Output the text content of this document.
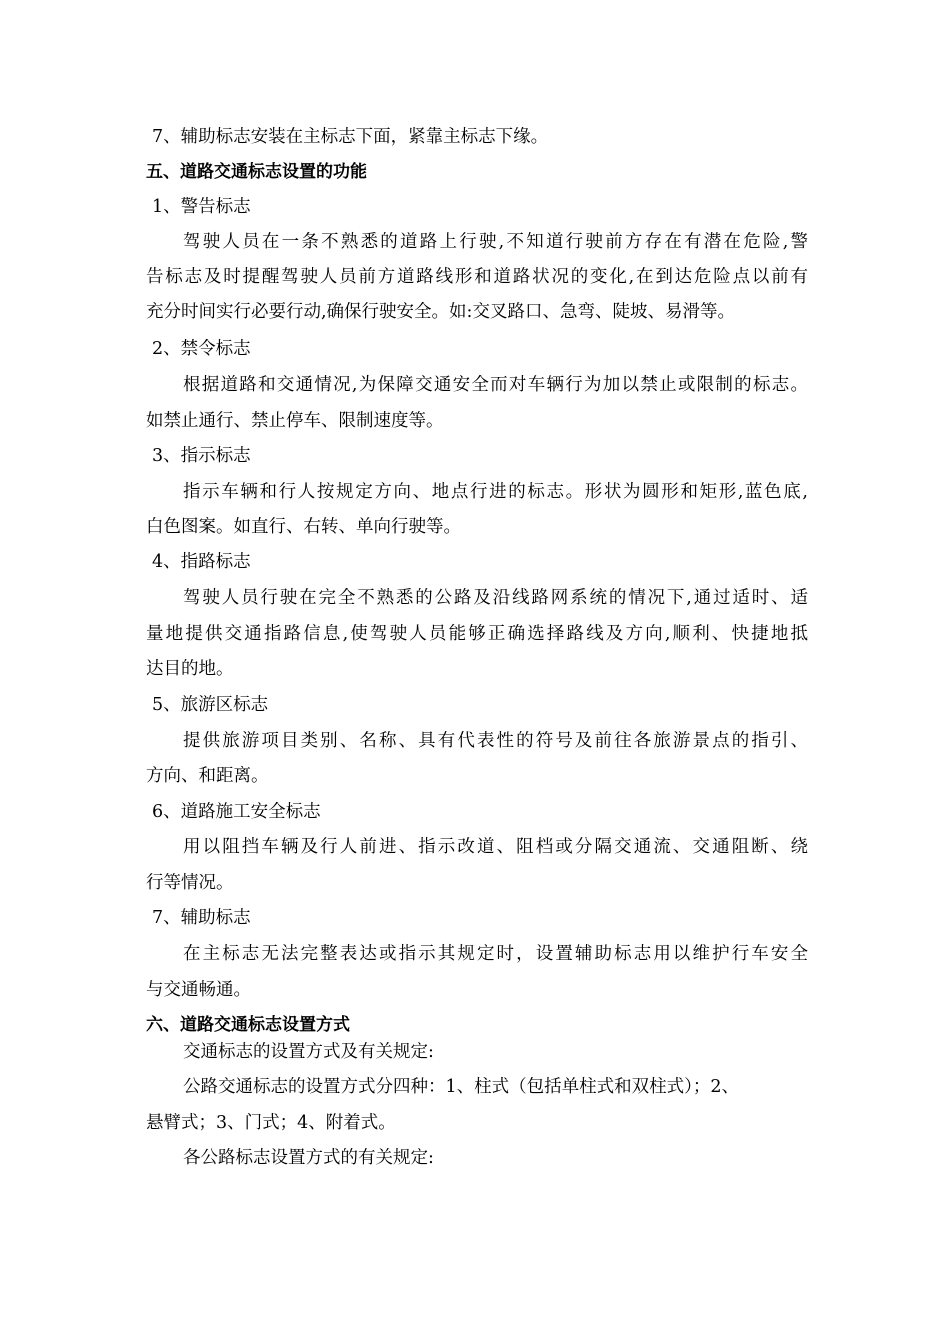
7、辅助标志安装在主标志下面，紧靠主标志下缘。
五、道路交通标志设置的功能
1、警告标志
驾驶人员在一条不熟悉的道路上行驶,不知道行驶前方存在有潜在危险,警
告标志及时提醒驾驶人员前方道路线形和道路状况的变化,在到达危险点以前有
充分时间实行必要行动,确保行驶安全。如:交叉路口、急弯、陡坡、易滑等。
2、禁令标志
根据道路和交通情况,为保障交通安全而对车辆行为加以禁止或限制的标志。
如禁止通行、禁止停车、限制速度等。
3、指示标志
指示车辆和行人按规定方向、地点行进的标志。形状为圆形和矩形,蓝色底,
白色图案。如直行、右转、单向行驶等。
4、指路标志
驾驶人员行驶在完全不熟悉的公路及沿线路网系统的情况下,通过适时、适
量地提供交通指路信息,使驾驶人员能够正确选择路线及方向,顺利、快捷地抵
达目的地。
5、旅游区标志
提供旅游项目类别、名称、具有代表性的符号及前往各旅游景点的指引、
方向、和距离。
6、道路施工安全标志
用以阻挡车辆及行人前进、指示改道、阻档或分隔交通流、交通阻断、绕
行等情况。
7、辅助标志
在主标志无法完整表达或指示其规定时，设置辅助标志用以维护行车安全
与交通畅通。
六、道路交通标志设置方式
交通标志的设置方式及有关规定:
公路交通标志的设置方式分四种：1、柱式（包括单柱式和双柱式）；2、
悬臂式；3、门式；4、附着式。
各公路标志设置方式的有关规定:
